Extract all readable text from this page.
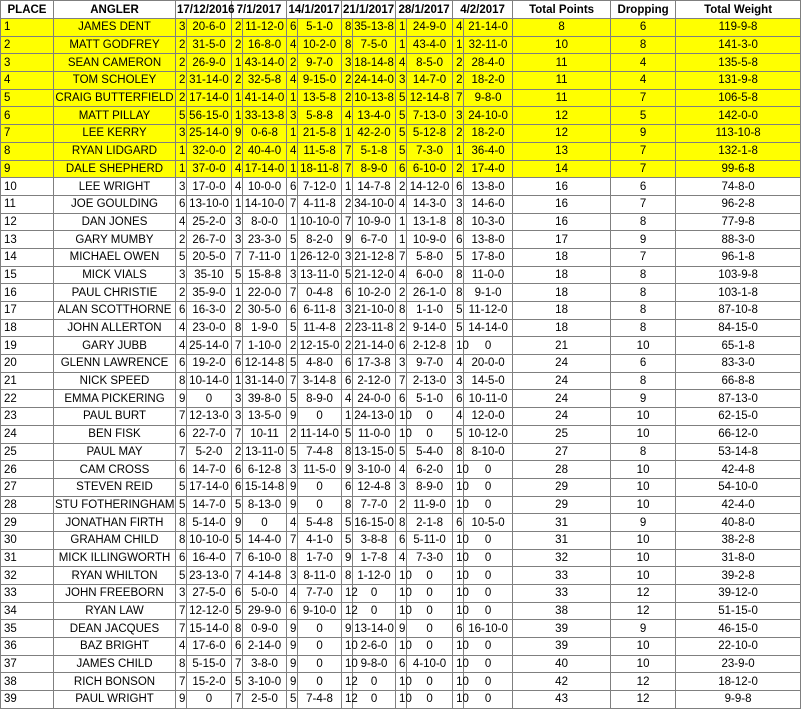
PLACE	ANGLER	17/12/2016		7/1/2017		14/1/2017		21/1/2017		28/1/2017		4/2/2017		Total Points	Dropping	Total Weight
1	JAMES DENT	3	20-6-0	2	11-12-0	6	5-1-0	8	35-13-8	1	24-9-0	4	21-14-0	8	6	119-9-8
2	MATT GODFREY	2	31-5-0	2	16-8-0	4	10-2-0	8	7-5-0	1	43-4-0	1	32-11-0	10	8	141-3-0
3	SEAN CAMERON	2	26-9-0	1	43-14-0	2	9-7-0	3	18-14-8	4	8-5-0	2	28-4-0	11	4	135-5-8
4	TOM SCHOLEY	2	31-14-0	2	32-5-8	4	9-15-0	2	24-14-0	3	14-7-0	2	18-2-0	11	4	131-9-8
5	CRAIG BUTTERFIELD	2	17-14-0	1	41-14-0	1	13-5-8	2	10-13-8	5	12-14-8	7	9-8-0	11	7	106-5-8
6	MATT PILLAY	5	56-15-0	1	33-13-8	3	5-8-8	4	13-4-0	5	7-13-0	3	24-10-0	12	5	142-0-0
7	LEE KERRY	3	25-14-0	9	0-6-8	1	21-5-8	1	42-2-0	5	5-12-8	2	18-2-0	12	9	113-10-8
8	RYAN LIDGARD	1	32-0-0	2	40-4-0	4	11-5-8	7	5-1-8	5	7-3-0	1	36-4-0	13	7	132-1-8
9	DALE SHEPHERD	1	37-0-0	4	17-14-0	1	18-11-8	7	8-9-0	6	6-10-0	2	17-4-0	14	7	99-6-8
10	LEE WRIGHT	3	17-0-0	4	10-0-0	6	7-12-0	1	14-7-8	2	14-12-0	6	13-8-0	16	6	74-8-0
11	JOE GOULDING	6	13-10-0	1	14-10-0	7	4-11-8	2	34-10-0	4	14-3-0	3	14-6-0	16	7	96-2-8
12	DAN JONES	4	25-2-0	3	8-0-0	1	10-10-0	7	10-9-0	1	13-1-8	8	10-3-0	16	8	77-9-8
13	GARY MUMBY	2	26-7-0	3	23-3-0	5	8-2-0	9	6-7-0	1	10-9-0	6	13-8-0	17	9	88-3-0
14	MICHAEL OWEN	5	20-5-0	7	7-11-0	1	26-12-0	3	21-12-8	7	5-8-0	5	17-8-0	18	7	96-1-8
15	MICK VIALS	3	35-10	5	15-8-8	3	13-11-0	5	21-12-0	4	6-0-0	8	11-0-0	18	8	103-9-8
16	PAUL CHRISTIE	2	35-9-0	1	22-0-0	7	0-4-8	6	10-2-0	2	26-1-0	8	9-1-0	18	8	103-1-8
17	ALAN SCOTTHORNE	6	16-3-0	2	30-5-0	6	6-11-8	3	21-10-0	8	1-1-0	5	11-12-0	18	8	87-10-8
18	JOHN ALLERTON	4	23-0-0	8	1-9-0	5	11-4-8	2	23-11-8	2	9-14-0	5	14-14-0	18	8	84-15-0
19	GARY JUBB	4	25-14-0	7	1-10-0	2	12-15-0	2	21-14-0	6	2-12-8	10	0	21	10	65-1-8
20	GLENN LAWRENCE	6	19-2-0	6	12-14-8	5	4-8-0	6	17-3-8	3	9-7-0	4	20-0-0	24	6	83-3-0
21	NICK SPEED	8	10-14-0	1	31-14-0	7	3-14-8	6	2-12-0	7	2-13-0	3	14-5-0	24	8	66-8-8
22	EMMA PICKERING	9	0	3	39-8-0	5	8-9-0	4	24-0-0	6	5-1-0	6	10-11-0	24	9	87-13-0
23	PAUL BURT	7	12-13-0	3	13-5-0	9	0	1	24-13-0	10	0	4	12-0-0	24	10	62-15-0
24	BEN FISK	6	22-7-0	7	10-11	2	11-14-0	5	11-0-0	10	0	5	10-12-0	25	10	66-12-0
25	PAUL MAY	7	5-2-0	2	13-11-0	5	7-4-8	8	13-15-0	5	5-4-0	8	8-10-0	27	8	53-14-8
26	CAM CROSS	6	14-7-0	6	6-12-8	3	11-5-0	9	3-10-0	4	6-2-0	10	0	28	10	42-4-8
27	STEVEN REID	5	17-14-0	6	15-14-8	9	0	6	12-4-8	3	8-9-0	10	0	29	10	54-10-0
28	STU FOTHERINGHAM	5	14-7-0	5	8-13-0	9	0	8	7-7-0	2	11-9-0	10	0	29	10	42-4-0
29	JONATHAN FIRTH	8	5-14-0	9	0	4	5-4-8	5	16-15-0	8	2-1-8	6	10-5-0	31	9	40-8-0
30	GRAHAM CHILD	8	10-10-0	5	14-4-0	7	4-1-0	5	3-8-8	6	5-11-0	10	0	31	10	38-2-8
31	MICK ILLINGWORTH	6	16-4-0	7	6-10-0	8	1-7-0	9	1-7-8	4	7-3-0	10	0	32	10	31-8-0
32	RYAN WHILTON	5	23-13-0	7	4-14-8	3	8-11-0	8	1-12-0	10	0	10	0	33	10	39-2-8
33	JOHN FREEBORN	3	27-5-0	6	5-0-0	4	7-7-0	12	0	10	0	10	0	33	12	39-12-0
34	RYAN LAW	7	12-12-0	5	29-9-0	6	9-10-0	12	0	10	0	10	0	38	12	51-15-0
35	DEAN JACQUES	7	15-14-0	8	0-9-0	9	0	9	13-14-0	9	0	6	16-10-0	39	9	46-15-0
36	BAZ BRIGHT	4	17-6-0	6	2-14-0	9	0	10	2-6-0	10	0	10	0	39	10	22-10-0
37	JAMES CHILD	8	5-15-0	7	3-8-0	9	0	10	9-8-0	6	4-10-0	10	0	40	10	23-9-0
38	RICH BONSON	7	15-2-0	5	3-10-0	9	0	12	0	10	0	10	0	42	12	18-12-0
39	PAUL WRIGHT	9	0	7	2-5-0	5	7-4-8	12	0	10	0	10	0	43	12	9-9-8
